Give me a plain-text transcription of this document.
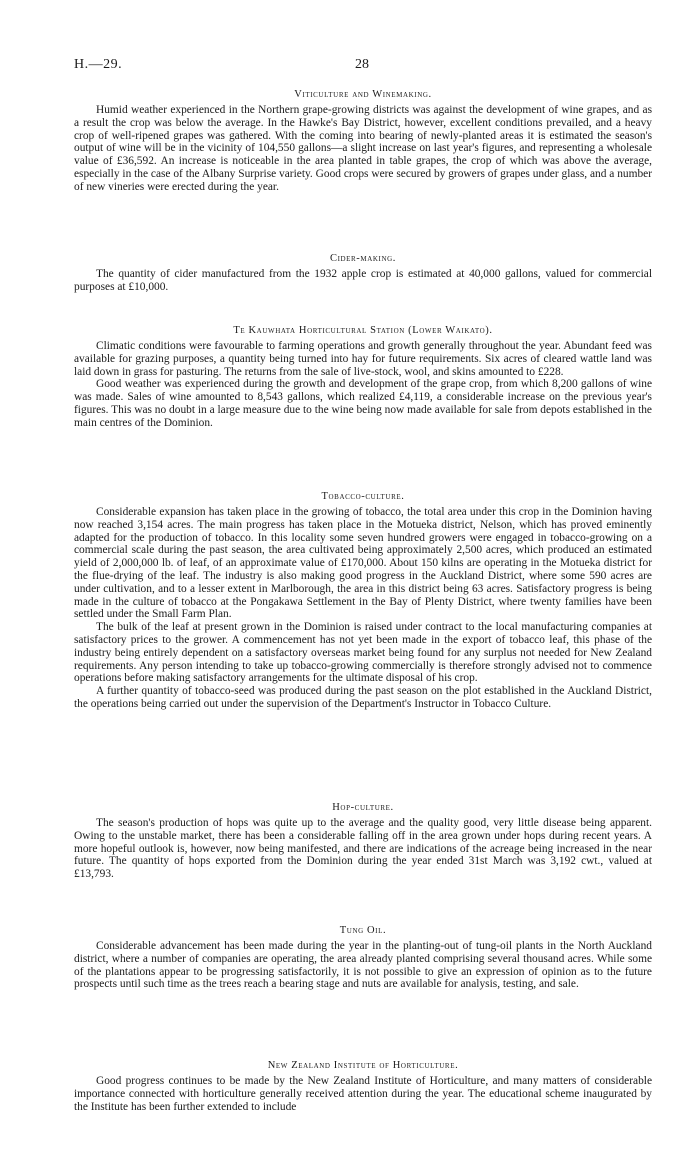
H.—29.	28
Viticulture and Winemaking.

Humid weather experienced in the Northern grape-growing districts was against the development of wine grapes, and as a result the crop was below the average. In the Hawke's Bay District, however, excellent conditions prevailed, and a heavy crop of well-ripened grapes was gathered. With the coming into bearing of newly-planted areas it is estimated the season's output of wine will be in the vicinity of 104,550 gallons—a slight increase on last year's figures, and representing a wholesale value of £36,592. An increase is noticeable in the area planted in table grapes, the crop of which was above the average, especially in the case of the Albany Surprise variety. Good crops were secured by growers of grapes under glass, and a number of new vineries were erected during the year.

Cider-making.

The quantity of cider manufactured from the 1932 apple crop is estimated at 40,000 gallons, valued for commercial purposes at £10,000.

Te Kauwhata Horticultural Station (Lower Waikato).

Climatic conditions were favourable to farming operations and growth generally throughout the year. Abundant feed was available for grazing purposes, a quantity being turned into hay for future requirements. Six acres of cleared wattle land was laid down in grass for pasturing. The returns from the sale of live-stock, wool, and skins amounted to £228.

Good weather was experienced during the growth and development of the grape crop, from which 8,200 gallons of wine was made. Sales of wine amounted to 8,543 gallons, which realized £4,119, a considerable increase on the previous year's figures. This was no doubt in a large measure due to the wine being now made available for sale from depots established in the main centres of the Dominion.

Tobacco-culture.

Considerable expansion has taken place in the growing of tobacco, the total area under this crop in the Dominion having now reached 3,154 acres. The main progress has taken place in the Motueka district, Nelson, which has proved eminently adapted for the production of tobacco. In this locality some seven hundred growers were engaged in tobacco-growing on a commercial scale during the past season, the area cultivated being approximately 2,500 acres, which produced an estimated yield of 2,000,000 lb. of leaf, of an approximate value of £170,000. About 150 kilns are operating in the Motueka district for the flue-drying of the leaf. The industry is also making good progress in the Auckland District, where some 590 acres are under cultivation, and to a lesser extent in Marlborough, the area in this district being 63 acres. Satisfactory progress is being made in the culture of tobacco at the Pongakawa Settlement in the Bay of Plenty District, where twenty families have been settled under the Small Farm Plan.

The bulk of the leaf at present grown in the Dominion is raised under contract to the local manufacturing companies at satisfactory prices to the grower. A commencement has not yet been made in the export of tobacco leaf, this phase of the industry being entirely dependent on a satisfactory overseas market being found for any surplus not needed for New Zealand requirements. Any person intending to take up tobacco-growing commercially is therefore strongly advised not to commence operations before making satisfactory arrangements for the ultimate disposal of his crop.

A further quantity of tobacco-seed was produced during the past season on the plot established in the Auckland District, the operations being carried out under the supervision of the Department's Instructor in Tobacco Culture.

Hop-culture.

The season's production of hops was quite up to the average and the quality good, very little disease being apparent. Owing to the unstable market, there has been a considerable falling off in the area grown under hops during recent years. A more hopeful outlook is, however, now being manifested, and there are indications of the acreage being increased in the near future. The quantity of hops exported from the Dominion during the year ended 31st March was 3,192 cwt., valued at £13,793.

Tung Oil.

Considerable advancement has been made during the year in the planting-out of tung-oil plants in the North Auckland district, where a number of companies are operating, the area already planted comprising several thousand acres. While some of the plantations appear to be progressing satisfactorily, it is not possible to give an expression of opinion as to the future prospects until such time as the trees reach a bearing stage and nuts are available for analysis, testing, and sale.

New Zealand Institute of Horticulture.

Good progress continues to be made by the New Zealand Institute of Horticulture, and many matters of considerable importance connected with horticulture generally received attention during the year. The educational scheme inaugurated by the Institute has been further extended to include
